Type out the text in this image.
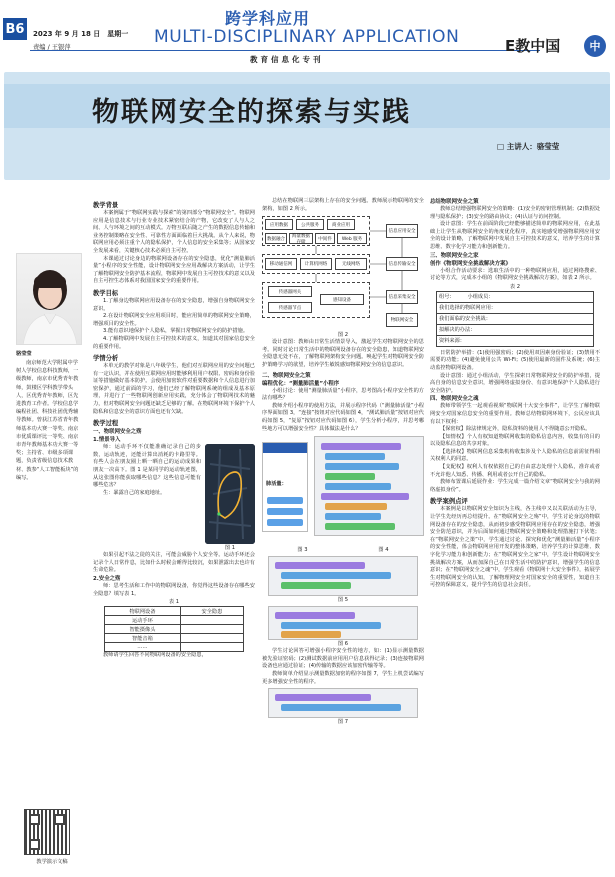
B6
跨学科应用
MULTI-DISCIPLINARY APPLICATION
2023 年 9 月 18 日　星期一
责编 / 王银萍
教育信息化专刊
E教中国	中
物联网安全的探索与实践
□ 主讲人：骆莹莹
骆莹莹
南京师范大学附属中学树人学校信息科技教师，一级教师，南京市优秀青年教师，鼓楼区学科教学带头人，区优秀青年教师，区先进教育工作者。学校信息学编程社团、科技社团优秀辅导教师。曾获江苏省青年教师基本功大赛一等奖、南京市优质课评比一等奖、南京市青年教师基本功大赛一等奖；主持省、市级多项课题，负责省级信息技术教材、教参“人工智能板块”的编写。
教学演示文稿
教学背景
本案例属于“物联网实践与探索”的第四部分“物联网安全”。物联网应用是信息技术与行业专业技术紧密结合的产物，它改变了人与人之间、人与环境之间的互动模式。万物互联后随之产生的数据信息传输和业务控制策略在安全性、可靠性方面面临着巨大挑战。从个人来说，物联网应用必须注重个人的隐私保护，个人信息的安全采集等；从国家安全发展来看，关键核心技术必须自主可控。
本课通过讨论身边的物联网设备存在的安全隐患，优化“测量肺活量”小程序的安全性能，设计物联网安全应用战解决方案活动，让学生了解物联网安全防护基本流程，物联网中发展自主可控技术的意义以及自主可控生态体系对我国国家安全的重要作用。
教学目标
1.了解身边物联网应用设备存在的安全隐患，增强自身物联网安全意识。
2.在设计物联网安全应用项目时，能应用简单的物联网安全策略，增强项目的安全性。
3.能有意识地保护个人隐私，掌握日常物联网安全的防护措施。
4.了解物联网中发展自主可控技术的意义，知道其对国家信息安全的重要作用。
学情分析
本单元的教学对象是八年级学生，他们对互联网应用的安全问题已有一定认识，并在使用互联网应用时能够利用用户权限、密码和身份验证等措施做好基本防护。会使用加密软件对重要数据和个人信息进行加密保护，通过前面的学习，他们已经了解物联网系统的组成及基本原理，并进行了一些物联网创新应用实践，充分体会了物联网技术的魅力，但对物联网安全问题还缺乏足够的了解。在物联网环境下保护个人隐私和信息安全的意识方面也还有欠缺。
教学过程
一、物联网安全之殇
1.情景导入
师：运动手环不仅能准确记录自己的步数，运动轨迹，还能计算出消耗的卡路里等。有些人会在朋友圈上晒一晒自己的运动成果和朋友一决高下。图 1 是某同学的运动轨迹图，从这张图你能获取哪些信息？这些信息可能有哪些危害？
生：暴露自己的家庭地址。
图 1
如果引起不法之徒的关注，可能会威胁个人安全等。运动手环还会记录个人日常作息，比如什么时候会睡得比较沉，如果泄露出去也许有生命危险。
2.安全之殇
师：思考生活和工作中的物联网设备，你觉得这些设备存在哪些安全隐患？填写表 1。
表 1
物联网设备	安全隐患
运动手环	
智能摄像头	
智能音箱	
……	
教师请学生回答不同物联网设备的安全隐患，
总结在物联网三层架构上存在的安全问题。教师展示物联网的安全架构，如图 2 所示。
应用数据	公共服务	商业应用
数据融合
海量数据存储
中间件	Web 服务
移动通信网	计算机网络	无线网络
传感器网关
传感器节点
感知设备
信息应用安全
信息传输安全
信息采集安全
物联网安全
图 2
设计意图：教师由日常生活情景导入，激起学生对物联网安全的思考。同时讨论日常生活中的物联网设备存在的安全隐患，知道物联网安全隐患无处不在，了解物联网架构安全问题。唤起学生对物联网安全防护策略学习的欲望，培养学生敏锐感知物联网安全的信息意识。
二、物联网安全之策
编程优化：“测量肺活量”小程序
小组讨论：使用“测量肺活量”小程序，思考图高小程序安全性的方法有哪些？
教师介绍小程序的使用方法，并展示程序代码（“测量肺活量”小程序界面如图 3，“连接”按钮对应代码如图 4，“测试肺活量”按钮对应代码如图 5，“复原”按钮对应代码如图 6），学生分析小程序，并思考哪些地方可以增强安全性？具体做法是什么？
肺活量：
图 3	图 4
图 5
图 6
学生讨论回答可增强小程序安全性的地方，如：(1)显示测量数据被先验证密码；(2)测试数据前应用用户信息获得记录；(3)连接物联网设备也应通过验证；(4)传输的数据应该加密传输等等。
教师简单介绍显示测量数据加密的程序如图 7，学生上机尝试编写更多增强安全性的程序。
图 7
总结物联网安全之策
教师总结增强物联网安全的策略：(1)安全的密钥管理机制；(2)数据处理与隐私保护；(3)安全的路由协议；(4)认证与访问控制。
设计意图：学生在前面阶段已经能够描述简单的物联网应用，在此基础上让学生从物联网安全的角度优化程序，真实地感受增强物联网应用安全的设计策略，了解物联网中发展自主可控技术的意义，培养学生的计算思维、数字化学习能力和创新能力。
三、物联网安全之家
创作《物联网安全挑战解决方案》
小组合作活动要求：选取生活中的一种物联网应用，通过网络搜索、讨论等方式，完成本小组的《物联网安全挑战解决方案》，如表 2 所示。
表 2
组号：　　　小组成员：
我们选择的物联网应用：
我们面临的安全挑战：
拟解决的办法：
资料来源：
日常防护举措：(1)使用强密码；(2)使用双因素身份验证；(3)禁用不需要的功能；(4)避免使用公共 Wi-Fi；(5)使用最新的固件及系统；(6)主动监控物联网设备。
设计意图：通过小组活动，学生探索日常物联网安全的防护举措，提高自身的信息安全意识，增强网络虚拟身份、有意识地保护个人隐私进行安全防护。
四、物联网安全之魂
教师带领学生一起观看视频“物联网十大安全事件”，让学生了解物联网安全对国家信息安全的重要作用。教师总结物联网环境下，公民应该具有以下权利：
【保密权】除法律规定外，隐私资料的使用人不得随意公开隐私。
【知情权】个人有权知道物联网收集的隐私信息内容，收集有的目的以及隐私信息的共享对象。
【选择权】物联网信息采集机构收集涉及个人隐私的信息前需征得相关权利人的同意。
【支配权】权利人有权依据自己的自由意志处理个人隐私，准许或者不允许他人知悉、传播、利用或者公开自己的隐私。
教师布置课后延展作业：学生完成一篇介绍文章“物联网安全与我的网络虚拟身份”。
教学案例点评
本案例是以物联网安全知识为主线，各主线中又以关联活动为主导，让学生先经历再总结提升。在“物联网安全之殇”中，学生讨论身边的物联网设备存在的安全隐患，从而初步感受物联网应用存在的安全隐患，增强安全防范意识，并为后面如何通过物联网安全策略和处理措施打下伏笔；在“物联网安全之策”中，学生通过讨论、探究和优化“测量肺活量”小程序的安全性能，体会物联网应用开发的整体策略，培养学生的计算思维、数字化学习能力和创新能力；在“物联网安全之家”中，学生设计物联网安全挑战解决方案，从而加深自己在日常生活中的防护意识，增强学生的信息意识；在“物联网安全之魂”中，学生观看《物联网十大安全事件》，拓展学生对物联网安全的认知，了解物理网安全对国家安全的重要性，知道自主可控的保障意义，提升学生的信息社会责任。
